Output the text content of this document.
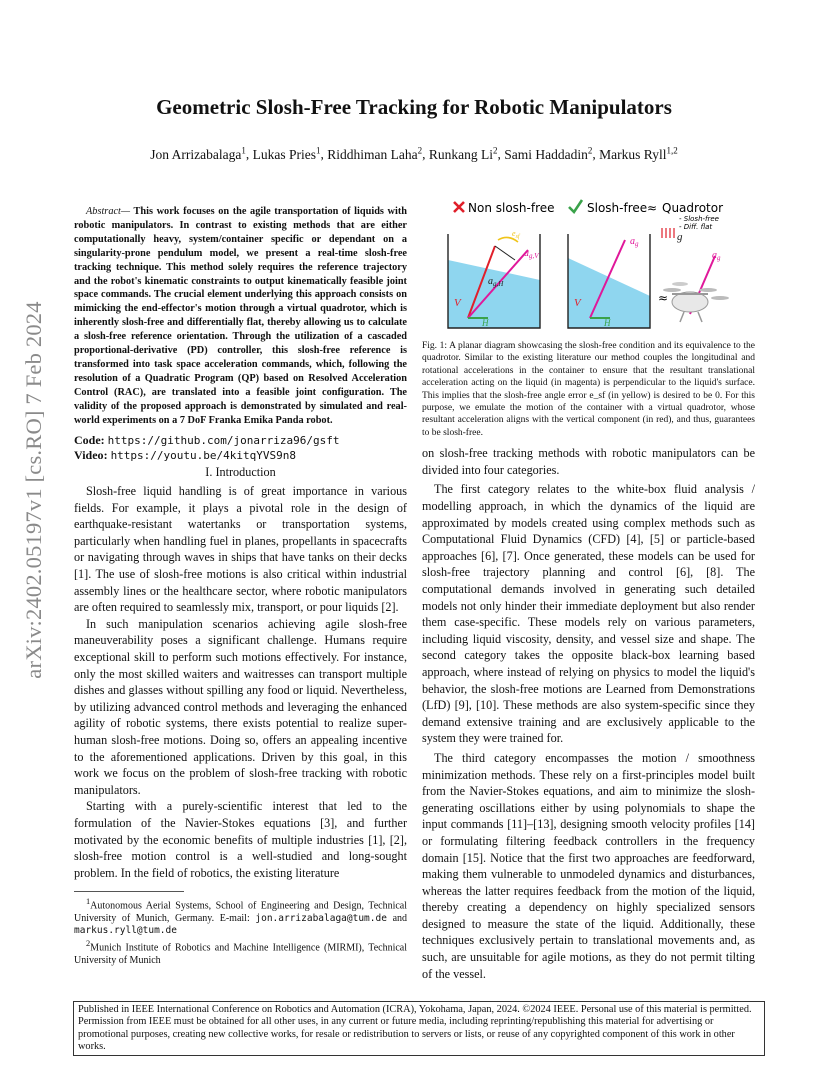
arXiv:2402.05197v1 [cs.RO] 7 Feb 2024
Geometric Slosh-Free Tracking for Robotic Manipulators
Jon Arrizabalaga$^1$, Lukas Pries$^1$, Riddhiman Laha$^2$, Runkang Li$^2$, Sami Haddadin$^2$, Markus Ryll$^{1,2}$

Abstract— This work focuses on the agile transportation of liquids with robotic manipulators. In contrast to existing methods that are either computationally heavy, system/container specific or dependant on a singularity-prone pendulum model, we present a real-time slosh-free tracking technique. This method solely requires the reference trajectory and the robot's kinematic constraints to output kinematically feasible joint space commands. The crucial element underlying this approach consists on mimicking the end-effector's motion through a virtual quadrotor, which is inherently slosh-free and differentially flat, thereby allowing us to calculate a slosh-free reference orientation. Through the utilization of a cascaded proportional-derivative (PD) controller, this slosh-free reference is transformed into task space acceleration commands, which, following the resolution of a Quadratic Program (QP) based on Resolved Acceleration Control (RAC), are translated into a feasible joint configuration. The validity of the proposed approach is demonstrated by simulated and real-world experiments on a 7 DoF Franka Emika Panda robot.

Code: https://github.com/jonarriza96/gsft
Video: https://youtu.be/4kitqYVS9n8
I. Introduction

Slosh-free liquid handling is of great importance in various fields. For example, it plays a pivotal role in the design of earthquake-resistant watertanks or transportation systems, particularly when handling fuel in planes, propellants in spacecrafts or navigating through waves in ships that have tanks on their decks [1]. The use of slosh-free motions is also critical within industrial assembly lines or the healthcare sector, where robotic manipulators are often required to seamlessly mix, transport, or pour liquids [2].

In such manipulation scenarios achieving agile slosh-free maneuverability poses a significant challenge. Humans require exceptional skill to perform such motions effectively. For instance, only the most skilled waiters and waitresses can transport multiple dishes and glasses without spilling any food or liquid. Nevertheless, by utilizing advanced control methods and leveraging the enhanced agility of robotic systems, there exists potential to realize super-human slosh-free motions. Doing so, offers an appealing incentive to the aforementioned applications. Driven by this goal, in this work we focus on the problem of slosh-free tracking with robotic manipulators.

Starting with a purely-scientific interest that led to the formulation of the Navier-Stokes equations [3], and further motivated by the economic benefits of multiple industries [1], [2], slosh-free motion control is a well-studied and long-sought problem. In the field of robotics, the existing literature

$^1$Autonomous Aerial Systems, School of Engineering and Design, Technical University of Munich, Germany. E-mail: jon.arrizabalaga@tum.de and markus.ryll@tum.de

$^2$Munich Institute of Robotics and Machine Intelligence (MIRMI), Technical University of Munich

Non slosh-free	Slosh-free ≈ Quadrotor
- Slosh-free
- Diff. flat
V
H
$a_{g,V}$
$a_{g,H}$
$e_{sf}$
V
H
$a_g$
≈
g
$a_g$

Fig. 1: A planar diagram showcasing the slosh-free condition and its equivalence to the quadrotor. Similar to the existing literature our method couples the longitudinal and rotational accelerations in the container to ensure that the resultant translational acceleration acting on the liquid (in magenta) is perpendicular to the liquid's surface. This implies that the slosh-free angle error e_sf (in yellow) is desired to be 0. For this purpose, we emulate the motion of the container with a virtual quadrotor, whose resultant acceleration aligns with the vertical component (in red), and thus, guarantees to be slosh-free.

on slosh-free tracking methods with robotic manipulators can be divided into four categories.

The first category relates to the white-box fluid analysis / modelling approach, in which the dynamics of the liquid are approximated by models created using complex methods such as Computational Fluid Dynamics (CFD) [4], [5] or particle-based approaches [6], [7]. Once generated, these models can be used for slosh-free trajectory planning and control [6], [8]. The computational demands involved in generating such detailed models not only hinder their immediate deployment but also render them case-specific. These models rely on various parameters, including liquid viscosity, density, and vessel size and shape. The second category takes the opposite black-box learning based approach, where instead of relying on physics to model the liquid's behavior, the slosh-free motions are Learned from Demonstrations (LfD) [9], [10]. These methods are also system-specific since they demand extensive training and are exclusively applicable to the system they were trained for.

The third category encompasses the motion / smoothness minimization methods. These rely on a first-principles model built from the Navier-Stokes equations, and aim to minimize the slosh-generating oscillations either by using polynomials to shape the input commands [11]–[13], designing smooth velocity profiles [14] or formulating filtering feedback controllers in the frequency domain [15]. Notice that the first two approaches are feedforward, making them vulnerable to unmodeled dynamics and disturbances, whereas the latter requires feedback from the motion of the liquid, thereby creating a dependency on highly specialized sensors designed to measure the state of the liquid. Additionally, these techniques exclusively pertain to translational movements and, as such, are unsuitable for agile motions, as they do not permit tilting of the vessel.

Published in IEEE International Conference on Robotics and Automation (ICRA), Yokohama, Japan, 2024. ©2024 IEEE. Personal use of this material is permitted. Permission from IEEE must be obtained for all other uses, in any current or future media, including reprinting/republishing this material for advertising or promotional purposes, creating new collective works, for resale or redistribution to servers or lists, or reuse of any copyrighted component of this work in other works.
